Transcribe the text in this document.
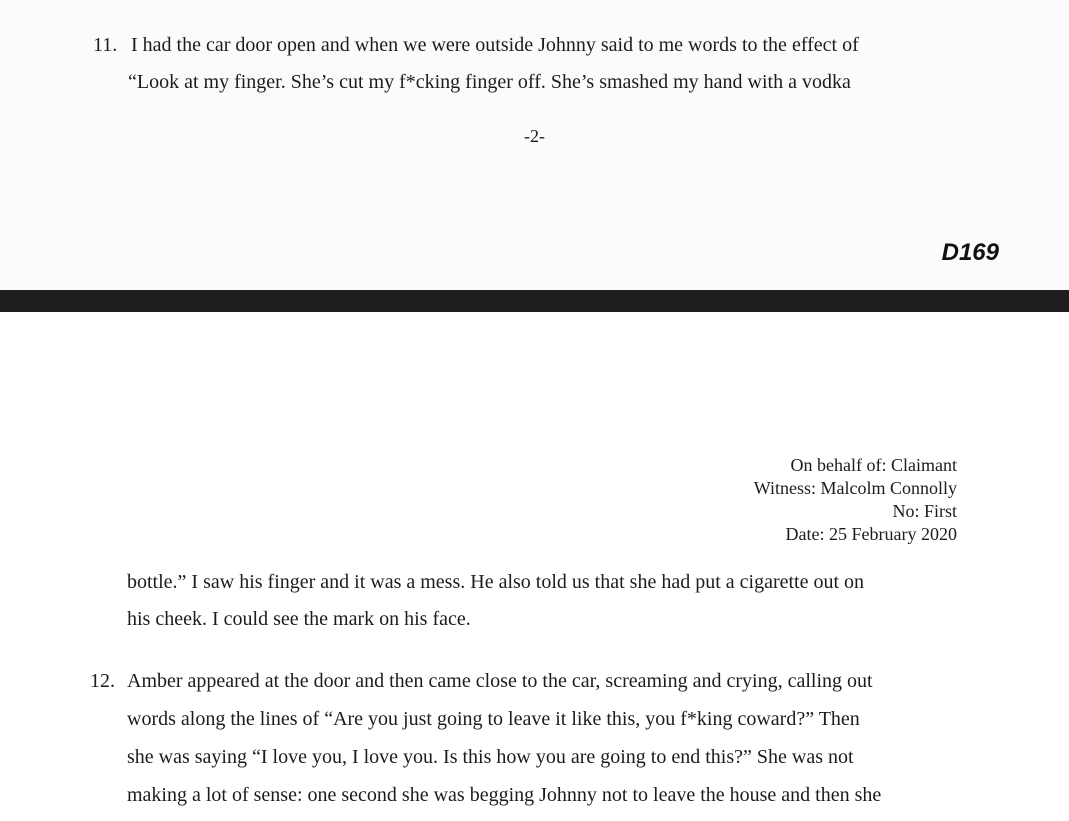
11. I had the car door open and when we were outside Johnny said to me words to the effect of
“Look at my finger. She’s cut my f*cking finger off. She’s smashed my hand with a vodka
-2-
D169
On behalf of: Claimant
Witness: Malcolm Connolly
No: First
Date: 25 February 2020
bottle.” I saw his finger and it was a mess. He also told us that she had put a cigarette out on
his cheek. I could see the mark on his face.
12. Amber appeared at the door and then came close to the car, screaming and crying, calling out
words along the lines of “Are you just going to leave it like this, you f*king coward?” Then
she was saying “I love you, I love you. Is this how you are going to end this?” She was not
making a lot of sense: one second she was begging Johnny not to leave the house and then she
